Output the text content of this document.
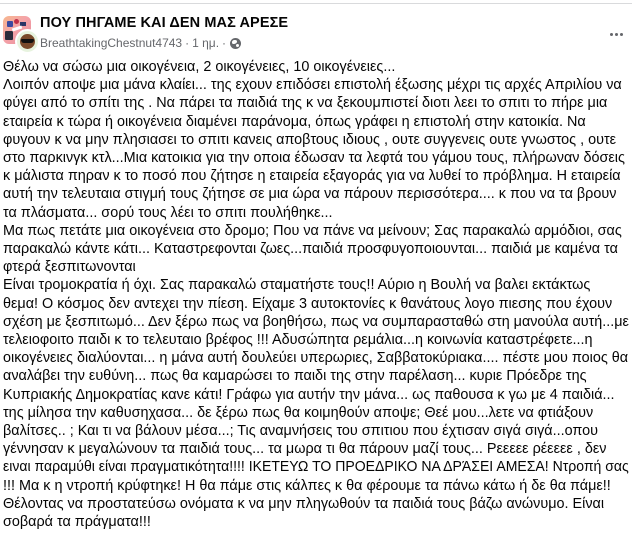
ΠΟΥ ΠΗΓΑΜΕ ΚΑΙ ΔΕΝ ΜΑΣ ΑΡΕΣΕ
BreathtakingChestnut4743 · 1 ημ. ·
Θέλω να σώσω μια οικογένεια, 2 οικογένειες, 10 οικογένειες...
Λοιπόν αποψε μια μάνα κλαίει... της εχουν επιδόσει επιστολή έξωσης μέχρι τις αρχές Απριλίου να
φύγει από το σπίτι της . Να πάρει τα παιδιά της κ να ξεκουμπιστεί διοτι λεει το σπιτι το πήρε μια
εταιρεία κ τώρα ή οικογένεια διαμένει παράνομα, όπως γράφει η επιστολή στην κατοικία. Να
φυγουν κ να μην πλησιασει το σπιτι κανεις αποβτους ιδιους , ουτε συγγενεις ουτε γνωστος , ουτε
στο παρκινγκ κτλ...Μια κατοικια για την οποια έδωσαν τα λεφτά του γάμου τους, πλήρωναν δόσεις
κ μάλιστα πηραν κ το ποσό που ζήτησε η εταιρεία εξαγοράς για να λυθεί το πρόβλημα. Η εταιρεία
αυτή την τελευταια στιγμή τους ζήτησε σε μια ώρα να πάρουν περισσότερα.... κ που να τα βρουν
τα πλάσματα... σορύ τους λέει το σπιτι πουλήθηκε...
Μα πως πετάτε μια οικογένεια στο δρομο; Που να πάνε να μείνουν; Σας παρακαλώ αρμόδιοι, σας
παρακαλώ κάντε κάτι... Καταστρεφονται ζωες...παιδιά προσφυγοποιουνται... παιδιά με καμένα τα
φτερά ξεσπιτωνονται
Είναι τρομοκρατία ή όχι. Σας παρακαλώ σταματήστε τους!! Αύριο η Βουλή να βαλει εκτάκτως
θεμα! Ο κόσμος δεν αντεχει την πίεση. Είχαμε 3 αυτοκτονίες κ θανάτους λογο πιεσης που έχουν
σχέση με ξεσπιτωμό... Δεν ξέρω πως να βοηθήσω, πως να συμπαρασταθώ στη μανούλα αυτή...με
τελειοφοιτο παιδι κ το τελευταιο βρέφος !!! Αδυσώπητα ρεμάλια...η κοινωνία καταστρέφετε...η
οικογένειες διαλύονται... η μάνα αυτή δουλεύει υπερωριες, Σαββατοκύριακα.... πέστε μου ποιος θα
αναλάβει την ευθύνη... πως θα καμαρώσει το παιδι της στην παρέλαση... κυριε Πρόεδρε της
Κυπριακής Δημοκρατίας κανε κάτι! Γράφω για αυτήν την μάνα... ως παθουσα κ γω με 4 παιδιά...
της μίλησα την καθυσηχασα... δε ξέρω πως θα κοιμηθούν αποψε; Θεέ μου...λετε να φτιάξουν
βαλίτσες.. ; Και τι να βάλουν μέσα...; Τις αναμνήσεις του σπιτιου που έχτισαν σιγά σιγά...οπου
γέννησαν κ μεγαλώνουν τα παιδιά τους... τα μωρα τι θα πάρουν μαζί τους... Ρεεεεε ρέεεεε , δεν
ειναι παραμύθι είναι πραγματικότητα!!!! ΙΚΕΤΕΥΩ ΤΟ ΠΡΟΕΔΡΙΚΟ ΝΑ ΔΡΆΣΕΙ ΑΜΕΣΑ! Ντροπή σας
!!! Μα κ η ντροπή κρύφτηκε! Η θα πάμε στις κάλπες κ θα φέρουμε τα πάνω κάτω ή δε θα πάμε!!
Θέλοντας να προστατεύσω ονόματα κ να μην πληγωθούν τα παιδιά τους βάζω ανώνυμο. Είναι
σοβαρά τα πράγματα!!!
